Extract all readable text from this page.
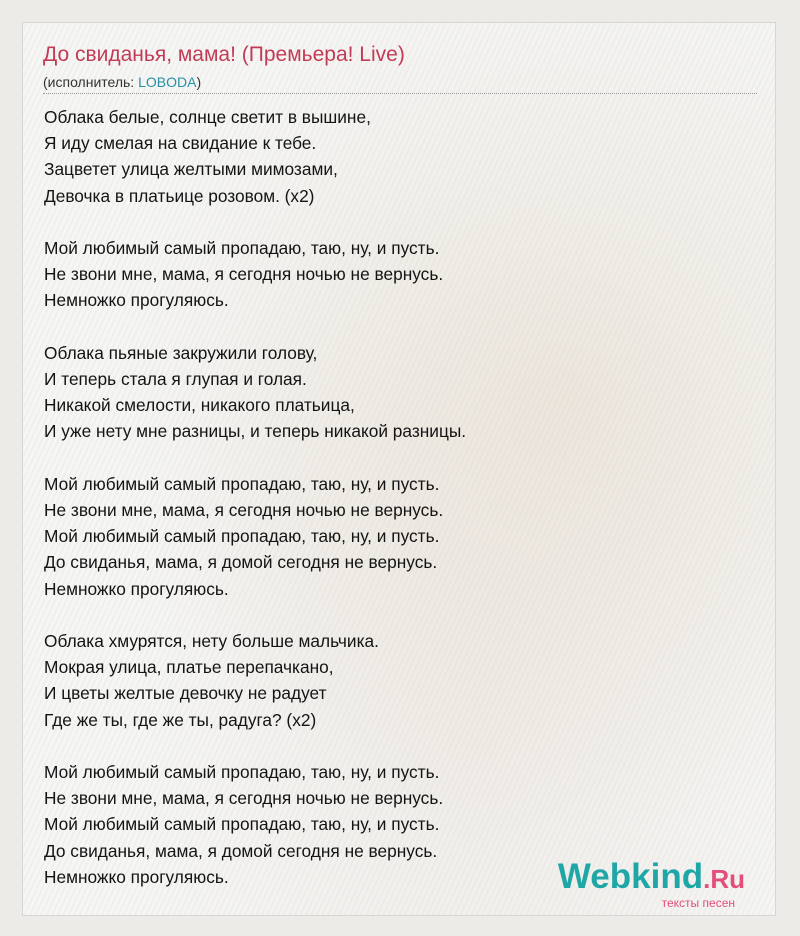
До свиданья, мама! (Премьера! Live)
(исполнитель: LOBODA)
Облака белые, солнце светит в вышине,
Я иду смелая на свидание к тебе.
Зацветет улица желтыми мимозами,
Девочка в платьице розовом. (x2)
Мой любимый самый пропадаю, таю, ну, и пусть.
Не звони мне, мама, я сегодня ночью не вернусь.
Немножко прогуляюсь.
Облака пьяные закружили голову,
И теперь стала я глупая и голая.
Никакой смелости, никакого платьица,
И уже нету мне разницы, и теперь никакой разницы.
Мой любимый самый пропадаю, таю, ну, и пусть.
Не звони мне, мама, я сегодня ночью не вернусь.
Мой любимый самый пропадаю, таю, ну, и пусть.
До свиданья, мама, я домой сегодня не вернусь.
Немножко прогуляюсь.
Облака хмурятся, нету больше мальчика.
Мокрая улица, платье перепачкано,
И цветы желтые девочку не радует
Где же ты, где же ты, радуга? (x2)
Мой любимый самый пропадаю, таю, ну, и пусть.
Не звони мне, мама, я сегодня ночью не вернусь.
Мой любимый самый пропадаю, таю, ну, и пусть.
До свиданья, мама, я домой сегодня не вернусь.
Немножко прогуляюсь.	Webkind.Ru
тексты песен
